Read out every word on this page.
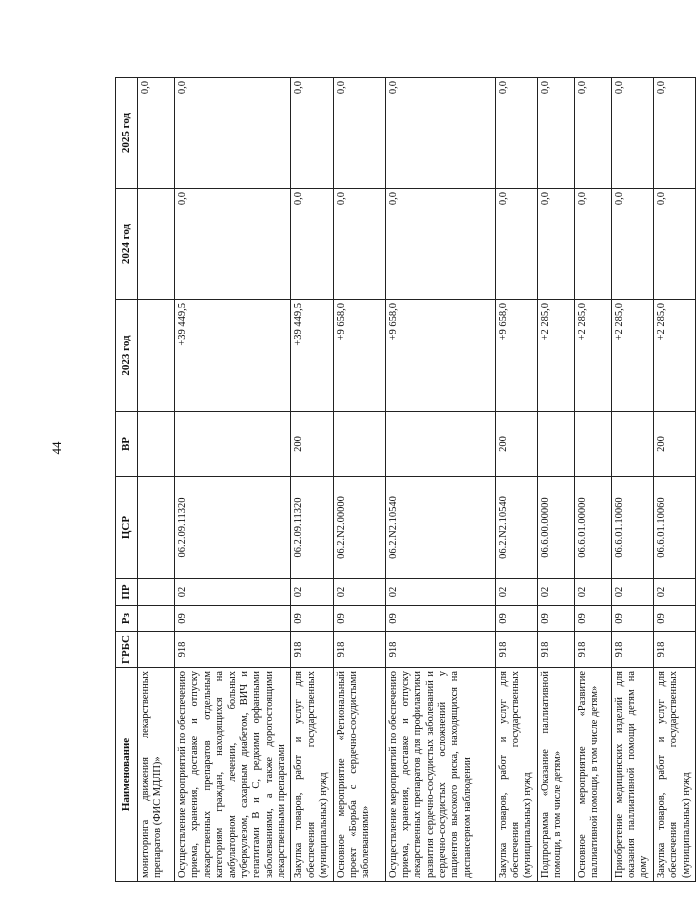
44
Наименование	ГРБС	Рз	ПР	ЦСР	ВР	2023 год	2024 год	2025 год
мониторинга движения лекарственных препаратов (ФИС МДЛП)»								0,0
Осуществление мероприятий по обеспечению приема, хранения, доставке и отпуску лекарственных препаратов отдельным категориям граждан, находящихся на амбулаторном лечении, больных туберкулезом, сахарным диабетом, ВИЧ и гепатитами В и С, редкими орфанными заболеваниями, а также дорогостоящими лекарственными препаратами	918	09	02	06.2.09.11320		+39 449,5	0,0	0,0
Закупка товаров, работ и услуг для обеспечения государственных (муниципальных) нужд	918	09	02	06.2.09.11320	200	+39 449,5	0,0	0,0
Основное мероприятие «Региональный проект «Борьба с сердечно-сосудистыми заболеваниями»	918	09	02	06.2.N2.00000		+9 658,0	0,0	0,0
Осуществление мероприятий по обеспечению приема, хранения, доставке и отпуску лекарственных препаратов для профилактики развития сердечно-сосудистых заболеваний и сердечно-сосудистых осложнений у пациентов высокого риска, находящихся на диспансерном наблюдении	918	09	02	06.2.N2.10540		+9 658,0	0,0	0,0
Закупка товаров, работ и услуг для обеспечения государственных (муниципальных) нужд	918	09	02	06.2.N2.10540	200	+9 658,0	0,0	0,0
Подпрограмма «Оказание паллиативной помощи, в том числе детям»	918	09	02	06.6.00.00000		+2 285,0	0,0	0,0
Основное мероприятие «Развитие паллиативной помощи, в том числе детям»	918	09	02	06.6.01.00000		+2 285,0	0,0	0,0
Приобретение медицинских изделий для оказания паллиативной помощи детям на дому	918	09	02	06.6.01.10060		+2 285,0	0,0	0,0
Закупка товаров, работ и услуг для обеспечения государственных (муниципальных) нужд	918	09	02	06.6.01.10060	200	+2 285,0	0,0	0,0
